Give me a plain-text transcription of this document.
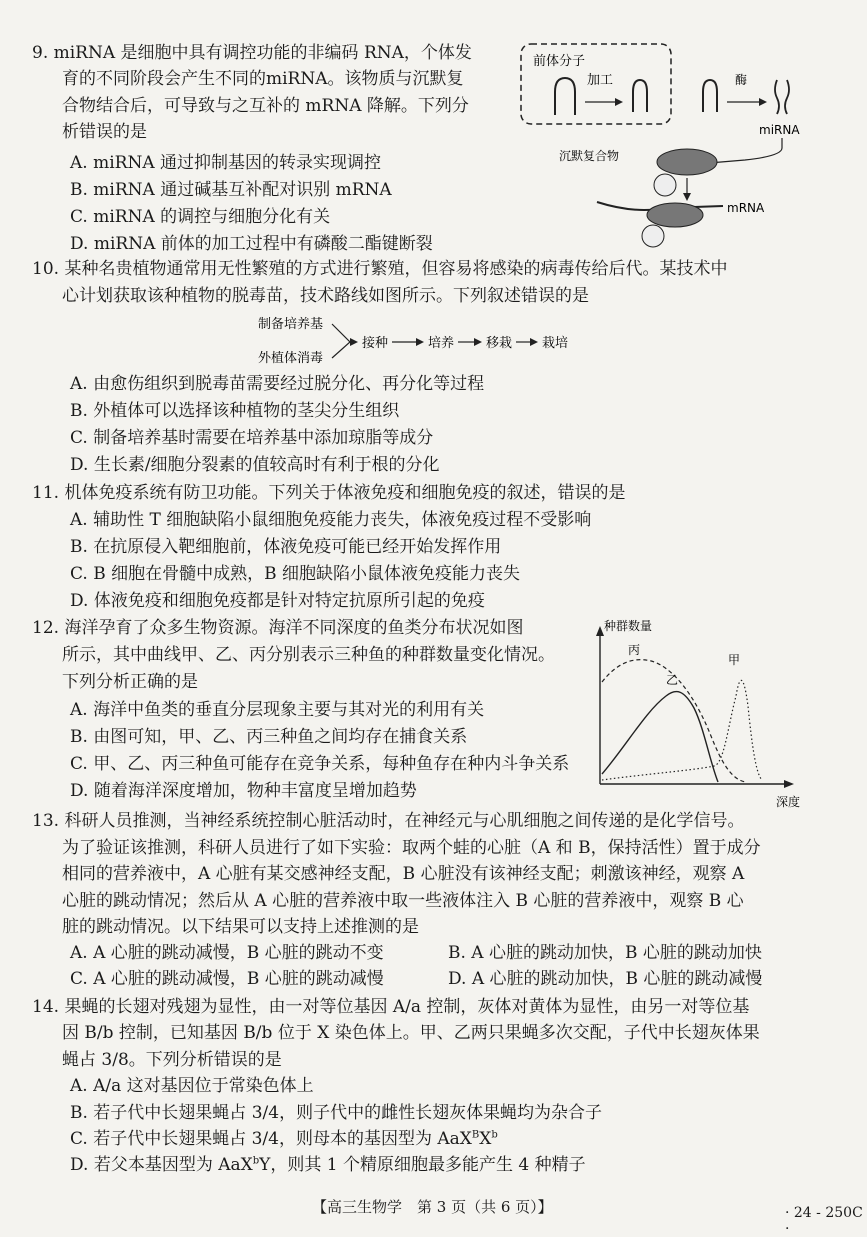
9. miRNA 是细胞中具有调控功能的非编码 RNA，个体发
育的不同阶段会产生不同的miRNA。该物质与沉默复
合物结合后，可导致与之互补的 mRNA 降解。下列分
析错误的是
A. miRNA 通过抑制基因的转录实现调控
B. miRNA 通过碱基互补配对识别 mRNA
C. miRNA 的调控与细胞分化有关
D. miRNA 前体的加工过程中有磷酸二酯键断裂
前体分子
加工	酶
miRNA
沉默复合物
mRNA
10. 某种名贵植物通常用无性繁殖的方式进行繁殖，但容易将感染的病毒传给后代。某技术中
心计划获取该种植物的脱毒苗，技术路线如图所示。下列叙述错误的是
制备培养基
外植体消毒
接种	培养 移栽 栽培
A. 由愈伤组织到脱毒苗需要经过脱分化、再分化等过程
B. 外植体可以选择该种植物的茎尖分生组织
C. 制备培养基时需要在培养基中添加琼脂等成分
D. 生长素/细胞分裂素的值较高时有利于根的分化
11. 机体免疫系统有防卫功能。下列关于体液免疫和细胞免疫的叙述，错误的是
A. 辅助性 T 细胞缺陷小鼠细胞免疫能力丧失，体液免疫过程不受影响
B. 在抗原侵入靶细胞前，体液免疫可能已经开始发挥作用
C. B 细胞在骨髓中成熟，B 细胞缺陷小鼠体液免疫能力丧失
D. 体液免疫和细胞免疫都是针对特定抗原所引起的免疫
12. 海洋孕育了众多生物资源。海洋不同深度的鱼类分布状况如图
所示，其中曲线甲、乙、丙分别表示三种鱼的种群数量变化情况。
下列分析正确的是
A. 海洋中鱼类的垂直分层现象主要与其对光的利用有关
B. 由图可知，甲、乙、丙三种鱼之间均存在捕食关系
C. 甲、乙、丙三种鱼可能存在竞争关系，每种鱼存在种内斗争关系
D. 随着海洋深度增加，物种丰富度呈增加趋势
种群数量
深度
丙
乙
甲
13. 科研人员推测，当神经系统控制心脏活动时，在神经元与心肌细胞之间传递的是化学信号。
为了验证该推测，科研人员进行了如下实验：取两个蛙的心脏（A 和 B，保持活性）置于成分
相同的营养液中，A 心脏有某交感神经支配，B 心脏没有该神经支配；刺激该神经，观察 A
心脏的跳动情况；然后从 A 心脏的营养液中取一些液体注入 B 心脏的营养液中，观察 B 心
脏的跳动情况。以下结果可以支持上述推测的是
A. A 心脏的跳动减慢，B 心脏的跳动不变	B. A 心脏的跳动加快，B 心脏的跳动加快
C. A 心脏的跳动减慢，B 心脏的跳动减慢	D. A 心脏的跳动加快，B 心脏的跳动减慢
14. 果蝇的长翅对残翅为显性，由一对等位基因 A/a 控制，灰体对黄体为显性，由另一对等位基
因 B/b 控制，已知基因 B/b 位于 X 染色体上。甲、乙两只果蝇多次交配，子代中长翅灰体果
蝇占 3/8。下列分析错误的是
A. A/a 这对基因位于常染色体上
B. 若子代中长翅果蝇占 3/4，则子代中的雌性长翅灰体果蝇均为杂合子
C. 若子代中长翅果蝇占 3/4，则母本的基因型为 $AaX^BX^b$
D. 若父本基因型为 AaX$^b$Y，则其 1 个精原细胞最多能产生 4 种精子
【高三生物学　第 3 页（共 6 页）】	· 24 - 250C ·
